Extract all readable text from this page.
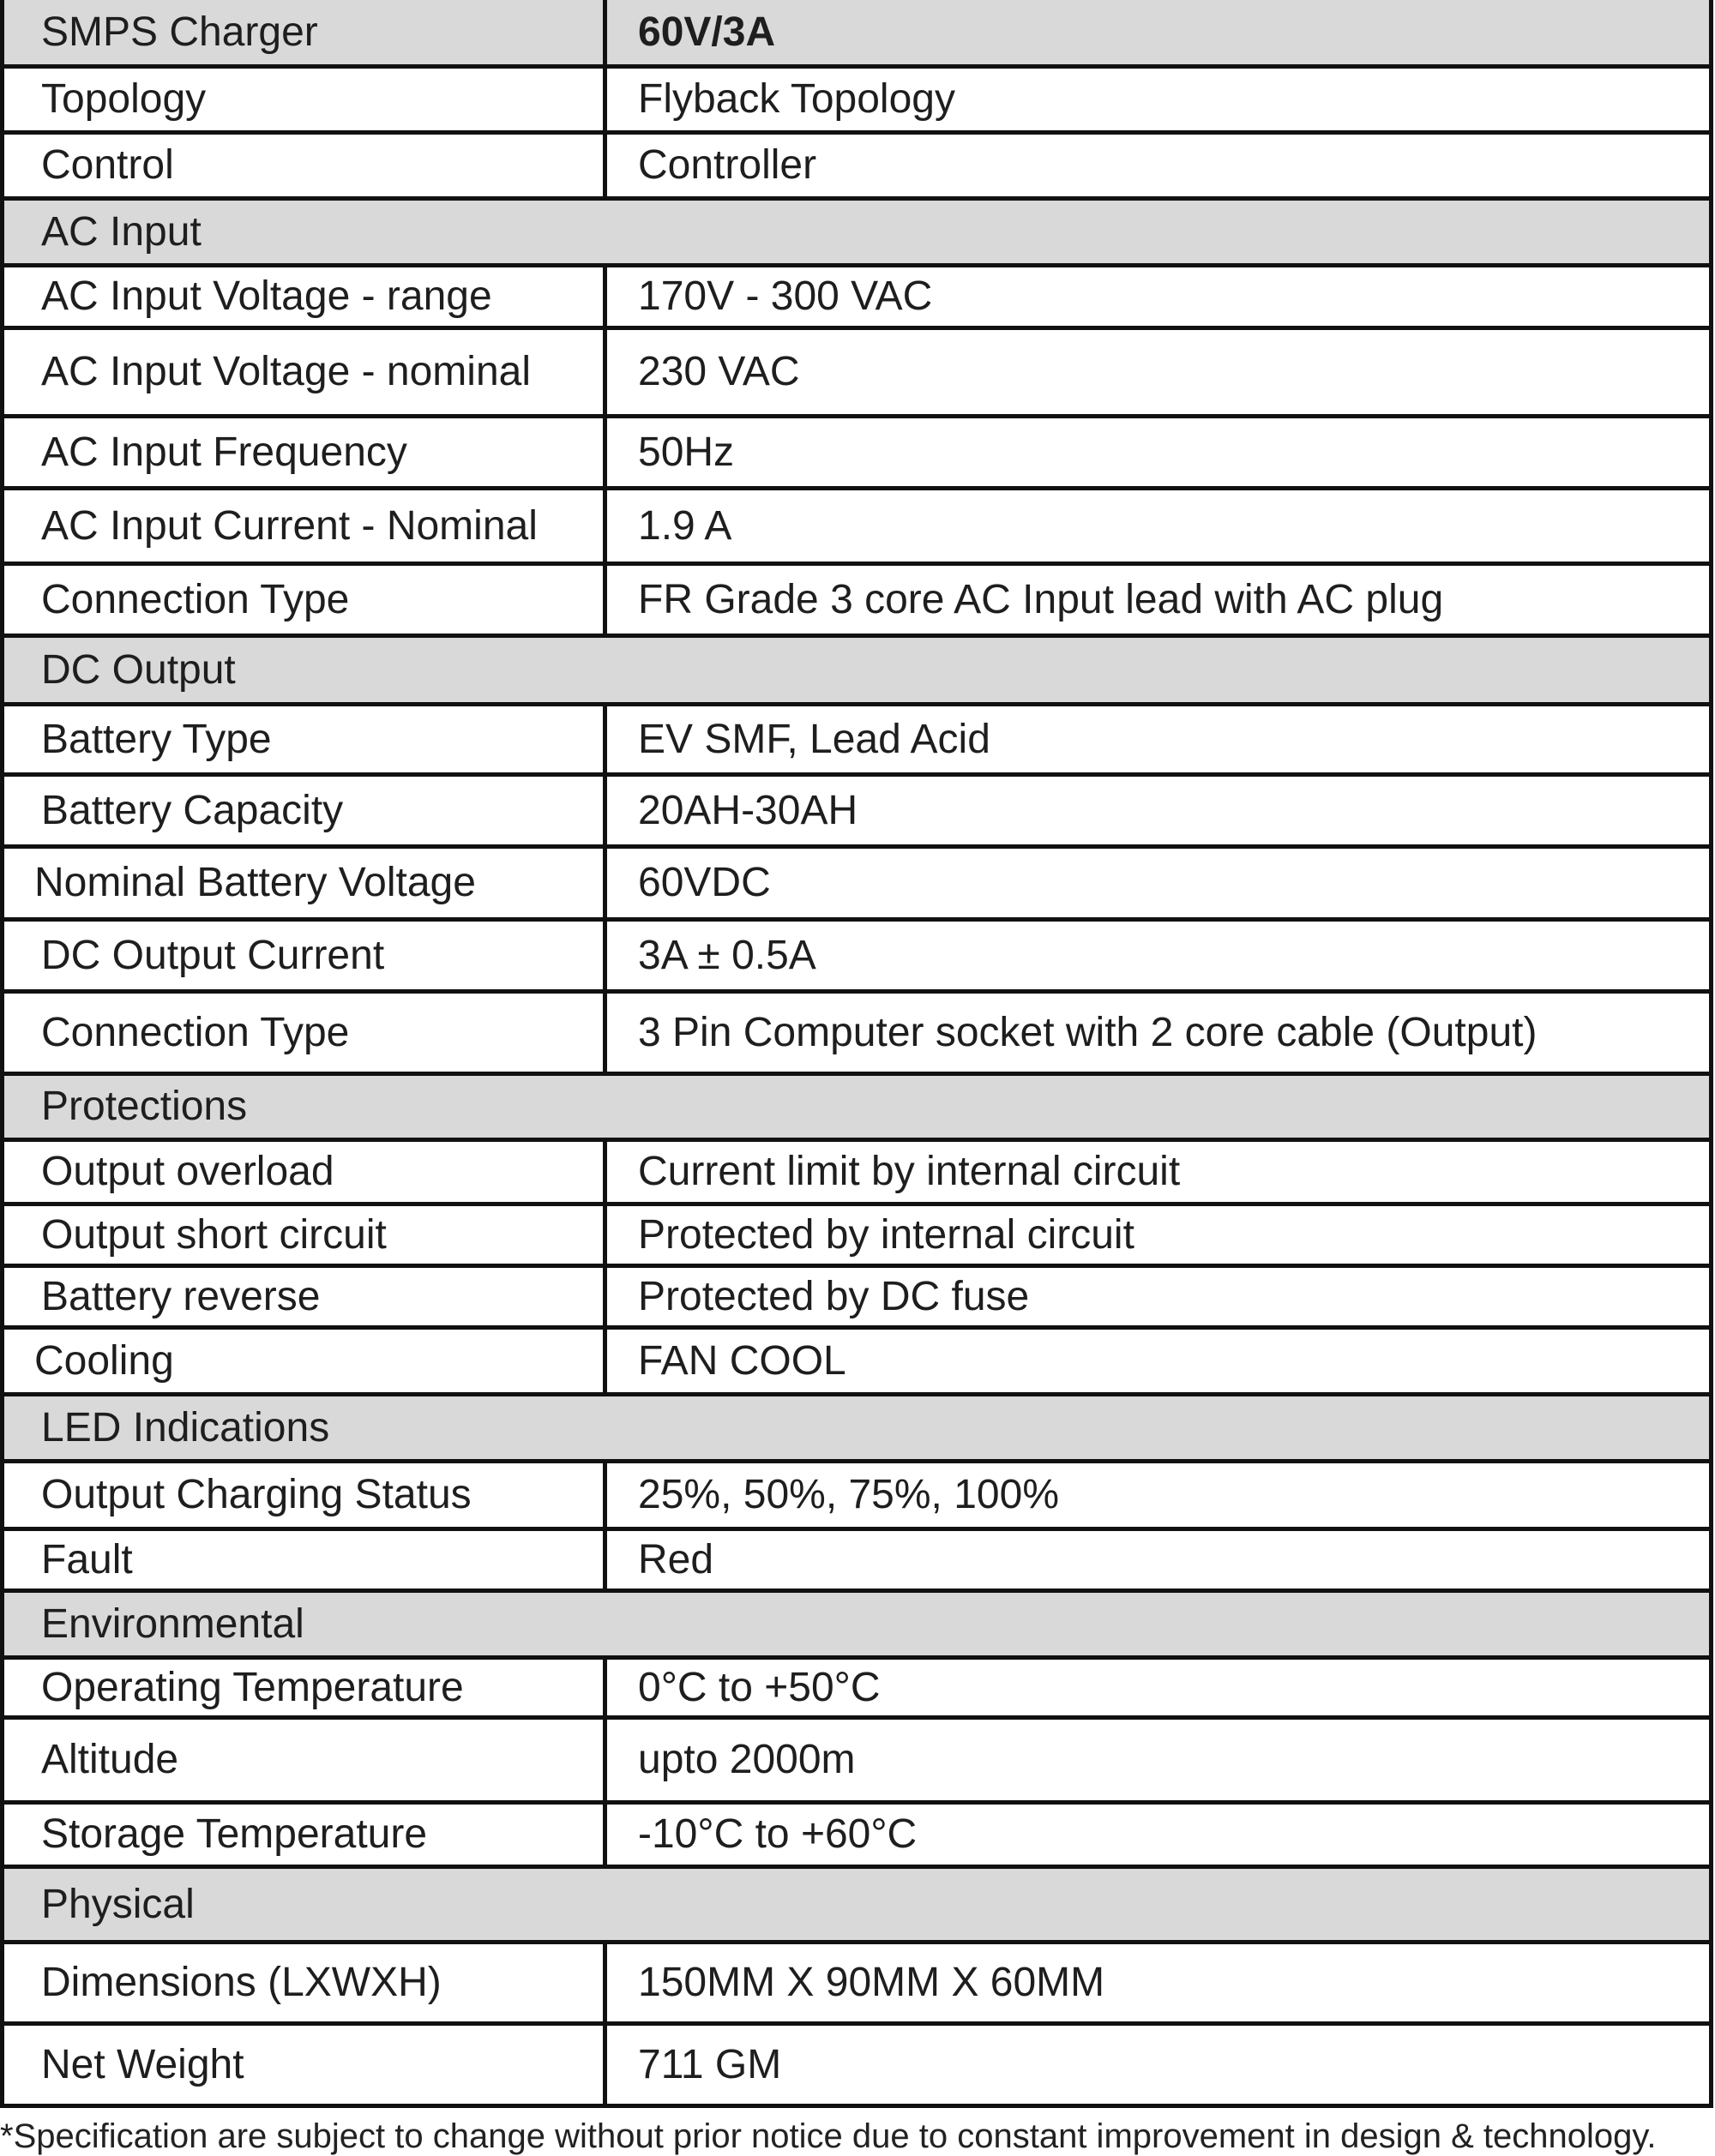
SMPS Charger	60V/3A
Topology	Flyback Topology
Control	Controller
AC Input
AC Input Voltage - range	170V - 300 VAC
AC Input Voltage - nominal	230 VAC
AC Input Frequency	50Hz
AC Input Current - Nominal	1.9 A
Connection Type	FR Grade 3 core AC Input lead with AC plug
DC Output
Battery Type	EV SMF, Lead Acid
Battery Capacity	20AH-30AH
Nominal Battery Voltage	60VDC
DC Output Current	3A ± 0.5A
Connection Type	3 Pin Computer socket with 2 core cable (Output)
Protections
Output overload	Current limit by internal circuit
Output short circuit	Protected by internal circuit
Battery reverse	Protected by DC fuse
Cooling	FAN COOL
LED Indications
Output Charging Status	25%, 50%, 75%, 100%
Fault	Red
Environmental
Operating Temperature	0°C to +50°C
Altitude	upto 2000m
Storage Temperature	-10°C to +60°C
Physical
Dimensions (LXWXH)	150MM X 90MM X 60MM
Net Weight	711 GM
*Specification are subject to change without prior notice due to constant improvement in design & technology.
